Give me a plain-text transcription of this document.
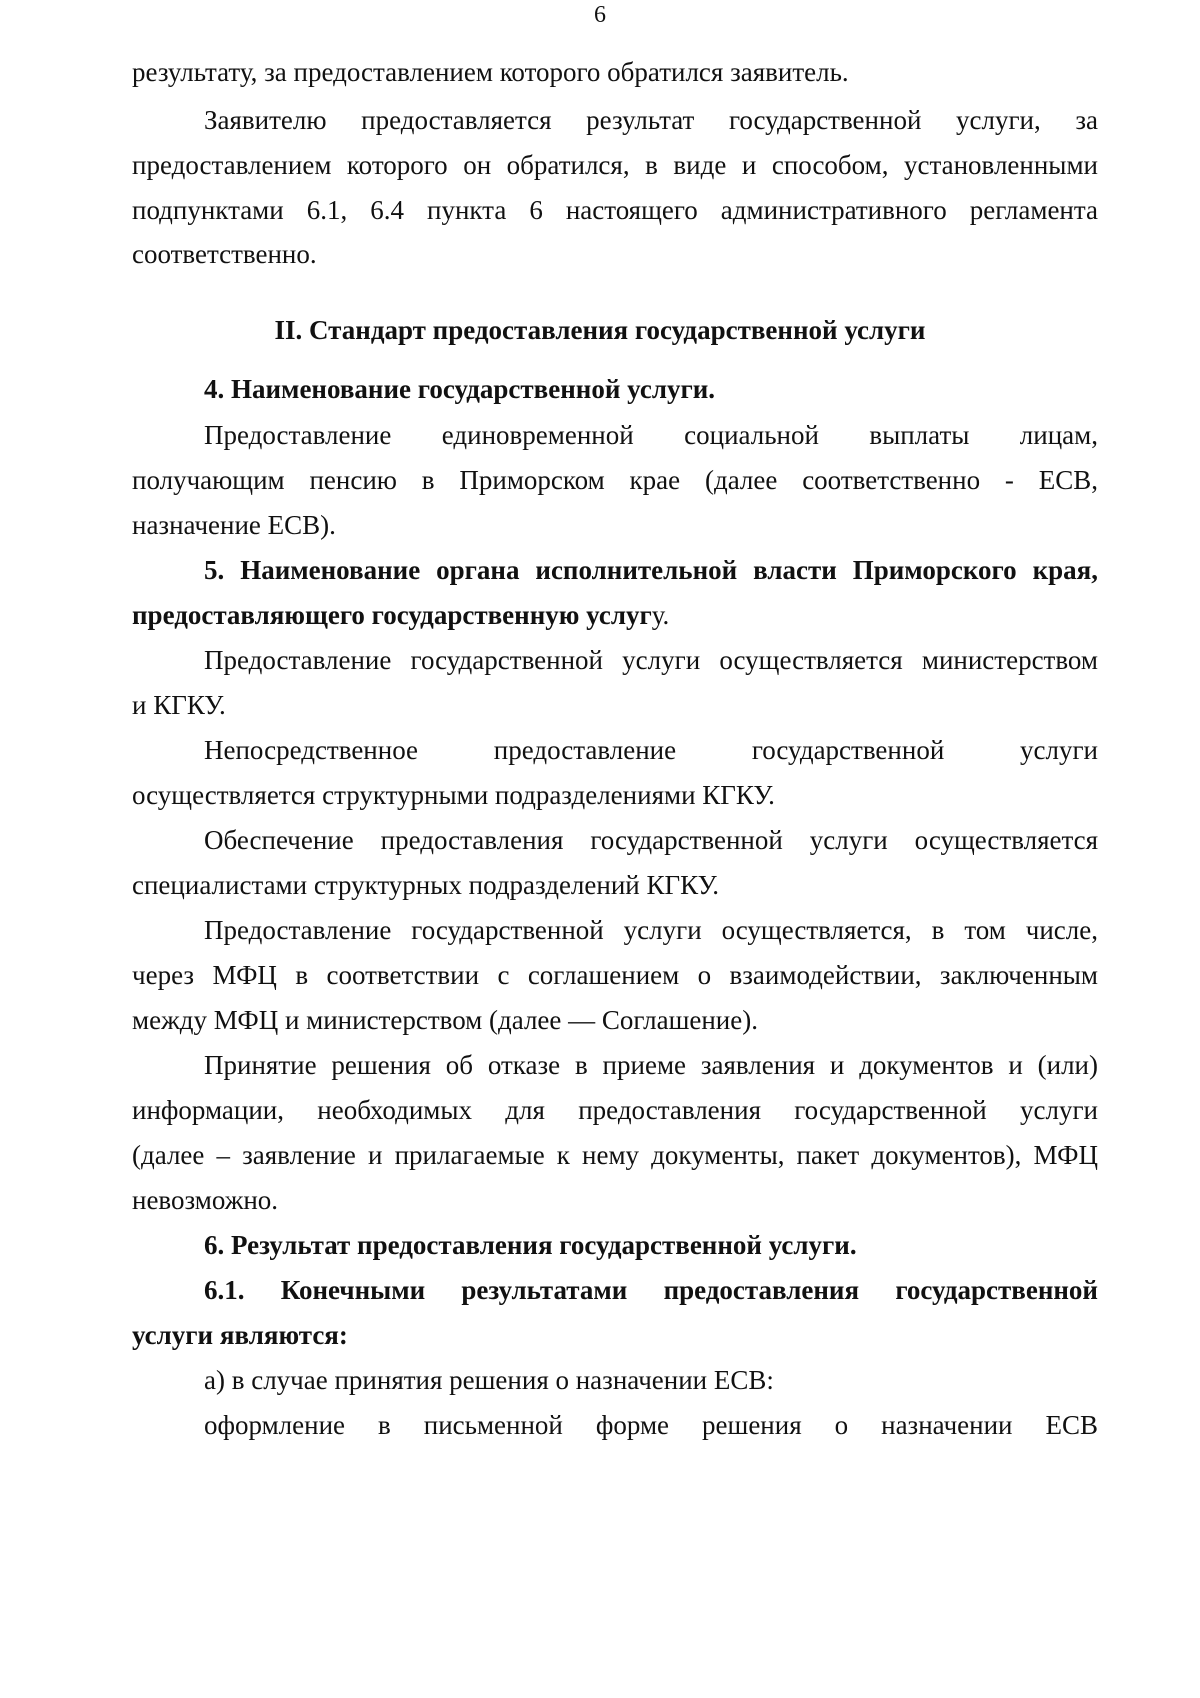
6
результату, за предоставлением которого обратился заявитель.
Заявителю предоставляется результат государственной услуги, за
предоставлением которого он обратился, в виде и способом, установленными
подпунктами 6.1, 6.4 пункта 6 настоящего административного регламента
соответственно.
II. Стандарт предоставления государственной услуги
4. Наименование государственной услуги.
Предоставление единовременной социальной выплаты лицам,
получающим пенсию в Приморском крае (далее соответственно - ЕСВ,
назначение ЕСВ).
5. Наименование органа исполнительной власти Приморского края,
предоставляющего государственную услугу.
Предоставление государственной услуги осуществляется министерством
и КГКУ.
Непосредственное предоставление государственной услуги
осуществляется структурными подразделениями КГКУ.
Обеспечение предоставления государственной услуги осуществляется
специалистами структурных подразделений КГКУ.
Предоставление государственной услуги осуществляется, в том числе,
через МФЦ в соответствии с соглашением о взаимодействии, заключенным
между МФЦ и министерством (далее — Соглашение).
Принятие решения об отказе в приеме заявления и документов и (или)
информации, необходимых для предоставления государственной услуги
(далее – заявление и прилагаемые к нему документы, пакет документов), МФЦ
невозможно.
6. Результат предоставления государственной услуги.
6.1. Конечными результатами предоставления государственной
услуги являются:
а) в случае принятия решения о назначении ЕСВ:
оформление в письменной форме решения о назначении ЕСВ
